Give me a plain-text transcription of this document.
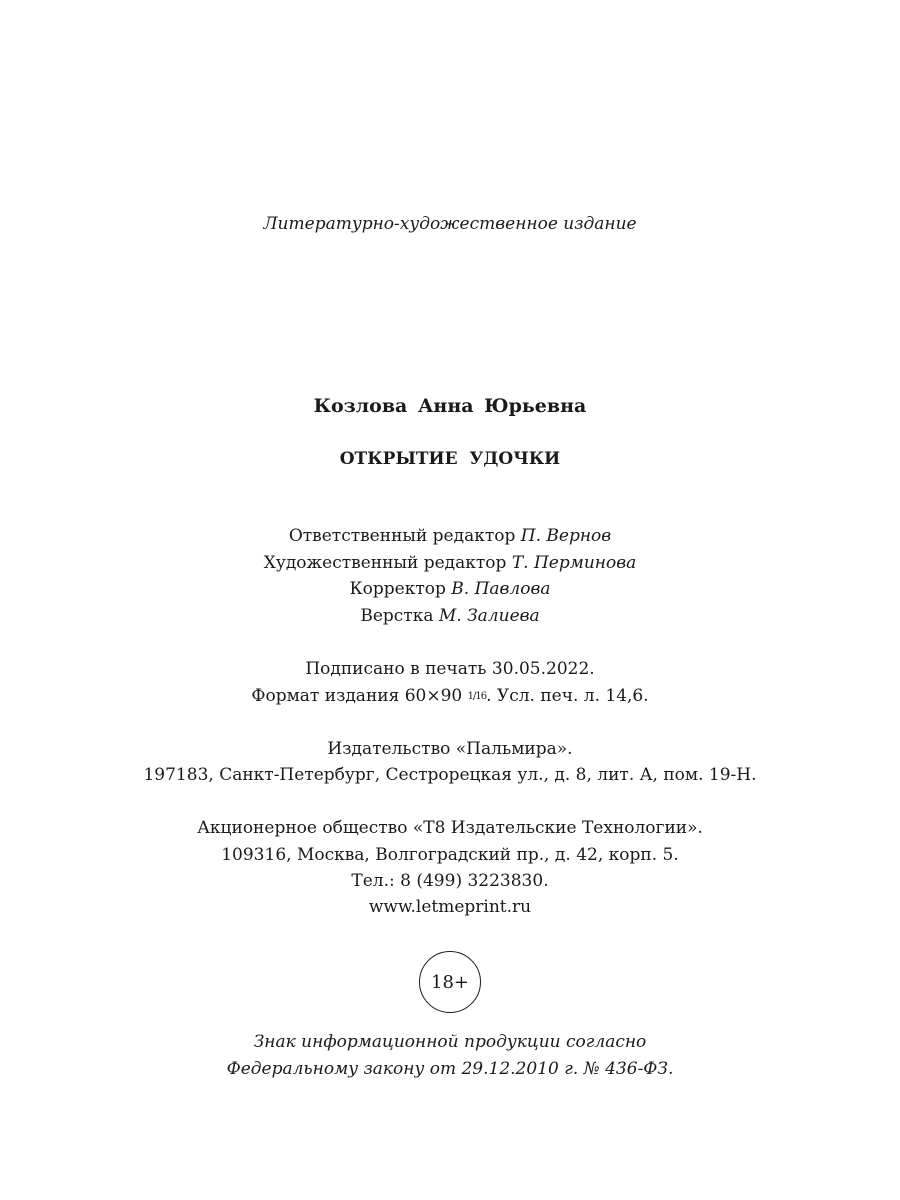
Литературно-художественное издание
Козлова Анна Юрьевна
ОТКРЫТИЕ УДОЧКИ
Ответственный редактор П. Вернов
Художественный редактор Т. Перминова
Корректор В. Павлова
Верстка М. Залиева
Подписано в печать 30.05.2022.
Формат издания 60×90 1/16. Усл. печ. л. 14,6.
Издательство «Пальмира».
197183, Санкт-Петербург, Сестрорецкая ул., д. 8, лит. А, пом. 19-Н.
Акционерное общество «Т8 Издательские Технологии».
109316, Москва, Волгоградский пр., д. 42, корп. 5.
Тел.: 8 (499) 3223830.
www.letmeprint.ru
18+
Знак информационной продукции согласно
Федеральному закону от 29.12.2010 г. № 436-ФЗ.
